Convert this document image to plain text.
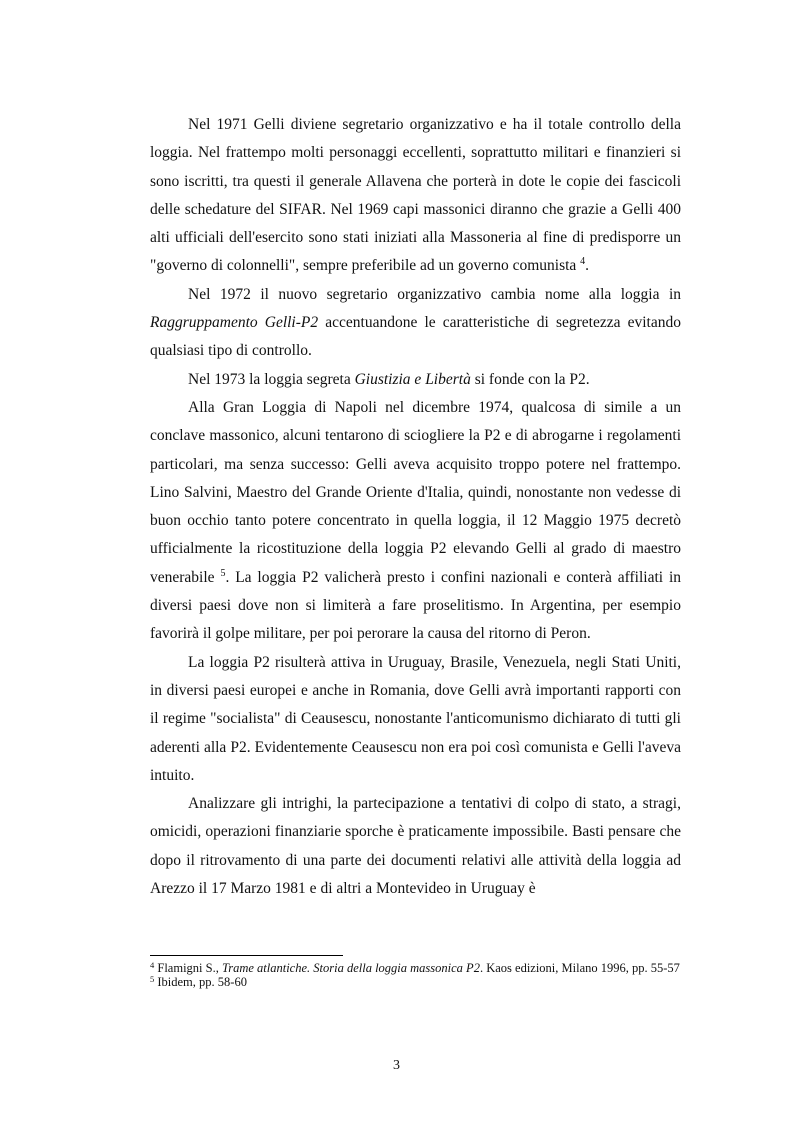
Nel 1971 Gelli diviene segretario organizzativo e ha il totale controllo della loggia. Nel frattempo molti personaggi eccellenti, soprattutto militari e finanzieri si sono iscritti, tra questi il generale Allavena che porterà in dote le copie dei fascicoli delle schedature del SIFAR. Nel 1969 capi massonici diranno che grazie a Gelli 400 alti ufficiali dell'esercito sono stati iniziati alla Massoneria al fine di predisporre un "governo di colonnelli", sempre preferibile ad un governo comunista $^4$.

Nel 1972 il nuovo segretario organizzativo cambia nome alla loggia in Raggruppamento Gelli-P2 accentuandone le caratteristiche di segretezza evitando qualsiasi tipo di controllo.

Nel 1973 la loggia segreta Giustizia e Libertà si fonde con la P2.

Alla Gran Loggia di Napoli nel dicembre 1974, qualcosa di simile a un conclave massonico, alcuni tentarono di sciogliere la P2 e di abrogarne i regolamenti particolari, ma senza successo: Gelli aveva acquisito troppo potere nel frattempo. Lino Salvini, Maestro del Grande Oriente d'Italia, quindi, nonostante non vedesse di buon occhio tanto potere concentrato in quella loggia, il 12 Maggio 1975 decretò ufficialmente la ricostituzione della loggia P2 elevando Gelli al grado di maestro venerabile $^5$. La loggia P2 valicherà presto i confini nazionali e conterà affiliati in diversi paesi dove non si limiterà a fare proselitismo. In Argentina, per esempio favorirà il golpe militare, per poi perorare la causa del ritorno di Peron.

La loggia P2 risulterà attiva in Uruguay, Brasile, Venezuela, negli Stati Uniti, in diversi paesi europei e anche in Romania, dove Gelli avrà importanti rapporti con il regime "socialista" di Ceausescu, nonostante l'anticomunismo dichiarato di tutti gli aderenti alla P2. Evidentemente Ceausescu non era poi così comunista e Gelli l'aveva intuito.

Analizzare gli intrighi, la partecipazione a tentativi di colpo di stato, a stragi, omicidi, operazioni finanziarie sporche è praticamente impossibile. Basti pensare che dopo il ritrovamento di una parte dei documenti relativi alle attività della loggia ad Arezzo il 17 Marzo 1981 e di altri a Montevideo in Uruguay è

$^4$ Flamigni S., Trame atlantiche. Storia della loggia massonica P2. Kaos edizioni, Milano 1996, pp. 55-57

$^5$ Ibidem, pp. 58-60

3
